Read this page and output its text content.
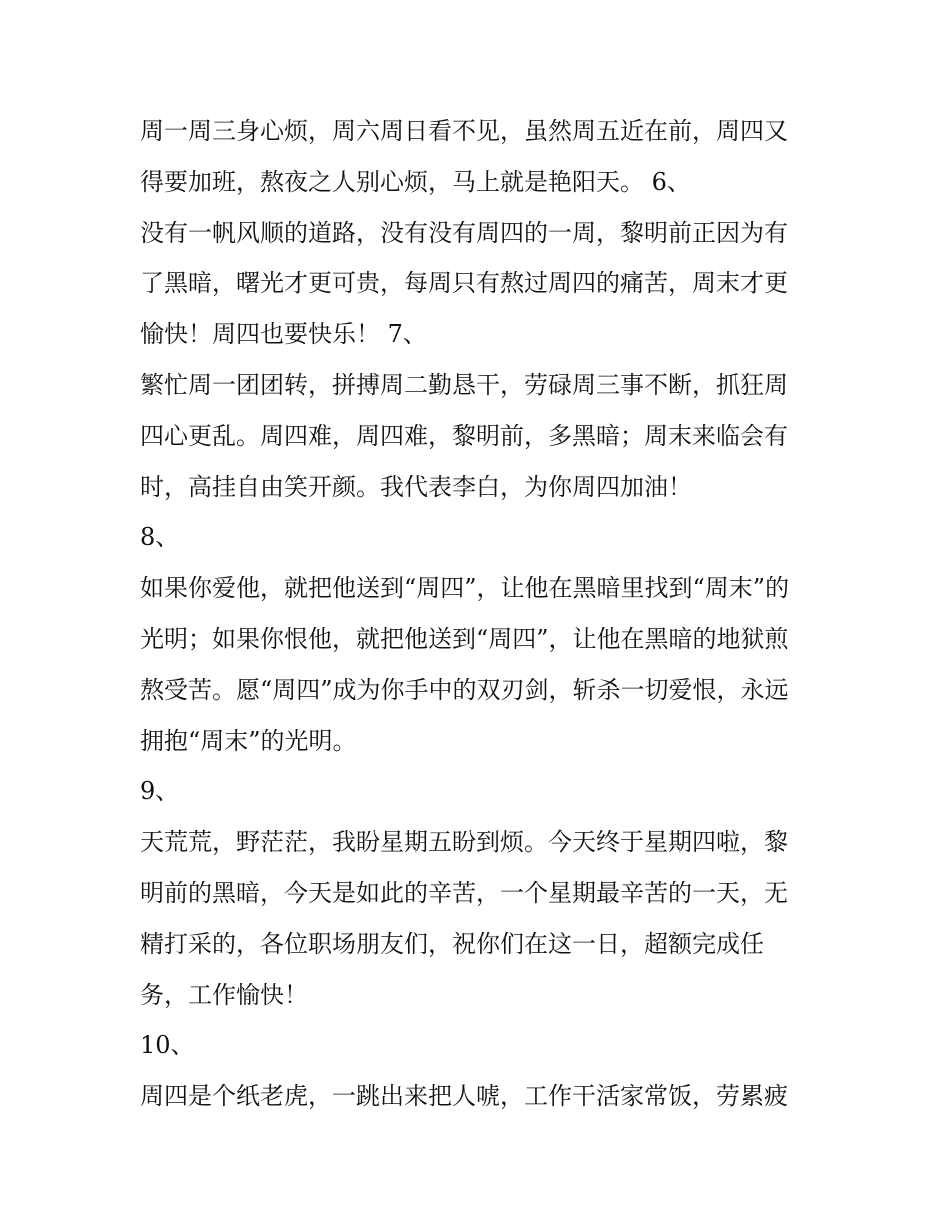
周一周三身心烦，周六周日看不见，虽然周五近在前，周四又
得要加班，熬夜之人别心烦，马上就是艳阳天。 6、
没有一帆风顺的道路，没有没有周四的一周，黎明前正因为有
了黑暗，曙光才更可贵，每周只有熬过周四的痛苦，周末才更
愉快！周四也要快乐！ 7、
繁忙周一团团转，拼搏周二勤恳干，劳碌周三事不断，抓狂周
四心更乱。周四难，周四难，黎明前，多黑暗；周末来临会有
时，高挂自由笑开颜。我代表李白，为你周四加油！
8、
如果你爱他，就把他送到“周四”，让他在黑暗里找到“周末”的
光明；如果你恨他，就把他送到“周四”，让他在黑暗的地狱煎
熬受苦。愿“周四”成为你手中的双刃剑，斩杀一切爱恨，永远
拥抱“周末”的光明。
9、
天荒荒，野茫茫，我盼星期五盼到烦。今天终于星期四啦，黎
明前的黑暗，今天是如此的辛苦，一个星期最辛苦的一天，无
精打采的，各位职场朋友们，祝你们在这一日，超额完成任
务，工作愉快！
10、
周四是个纸老虎，一跳出来把人唬，工作干活家常饭，劳累疲
